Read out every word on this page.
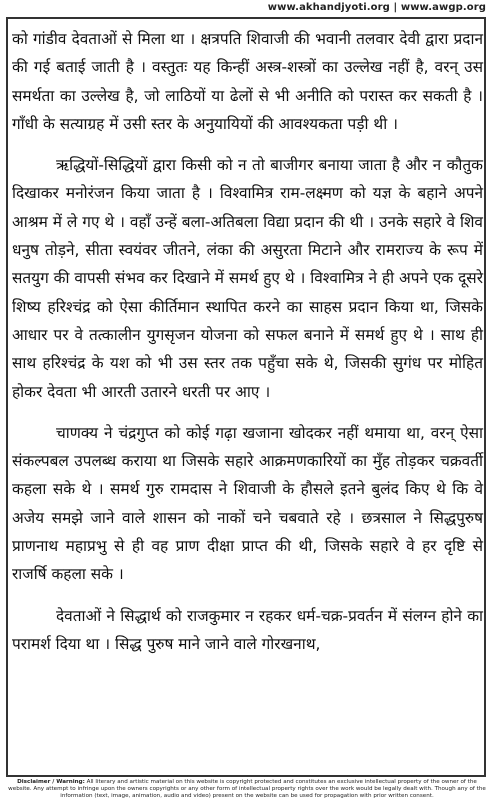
www.akhandjyoti.org | www.awgp.org

को गांडीव देवताओं से मिला था । क्षत्रपति शिवाजी की भवानी तलवार देवी द्वारा प्रदान की गई बताई जाती है । वस्तुतः यह किन्हीं अस्त्र-शस्त्रों का उल्लेख नहीं है, वरन् उस समर्थता का उल्लेख है, जो लाठियों या ढेलों से भी अनीति को परास्त कर सकती है । गाँधी के सत्याग्रह में उसी स्तर के अनुयायियों की आवश्यकता पड़ी थी ।

ऋद्धियों-सिद्धियों द्वारा किसी को न तो बाजीगर बनाया जाता है और न कौतुक दिखाकर मनोरंजन किया जाता है । विश्वामित्र राम-लक्ष्मण को यज्ञ के बहाने अपने आश्रम में ले गए थे । वहाँ उन्हें बला-अतिबला विद्या प्रदान की थी । उनके सहारे वे शिव धनुष तोड़ने, सीता स्वयंवर जीतने, लंका की असुरता मिटाने और रामराज्य के रूप में सतयुग की वापसी संभव कर दिखाने में समर्थ हुए थे । विश्वामित्र ने ही अपने एक दूसरे शिष्य हरिश्चंद्र को ऐसा कीर्तिमान स्थापित करने का साहस प्रदान किया था, जिसके आधार पर वे तत्कालीन युगसृजन योजना को सफल बनाने में समर्थ हुए थे । साथ ही साथ हरिश्चंद्र के यश को भी उस स्तर तक पहुँचा सके थे, जिसकी सुगंध पर मोहित होकर देवता भी आरती उतारने धरती पर आए ।

चाणक्य ने चंद्रगुप्त को कोई गढ़ा खजाना खोदकर नहीं थमाया था, वरन् ऐसा संकल्पबल उपलब्ध कराया था जिसके सहारे आक्रमणकारियों का मुँह तोड़कर चक्रवर्ती कहला सके थे । समर्थ गुरु रामदास ने शिवाजी के हौसले इतने बुलंद किए थे कि वे अजेय समझे जाने वाले शासन को नाकों चने चबवाते रहे । छत्रसाल ने सिद्धपुरुष प्राणनाथ महाप्रभु से ही वह प्राण दीक्षा प्राप्त की थी, जिसके सहारे वे हर दृष्टि से राजर्षि कहला सके ।

देवताओं ने सिद्धार्थ को राजकुमार न रहकर धर्म-चक्र-प्रवर्तन में संलग्न होने का परामर्श दिया था । सिद्ध पुरुष माने जाने वाले गोरखनाथ,

Disclaimer / Warning: All literary and artistic material on this website is copyright protected and constitutes an exclusive intellectual property of the owner of the website. Any attempt to infringe upon the owners copyrights or any other form of intellectual property rights over the work would be legally dealt with. Though any of the information (text, image, animation, audio and video) present on the website can be used for propagation with prior written consent.
